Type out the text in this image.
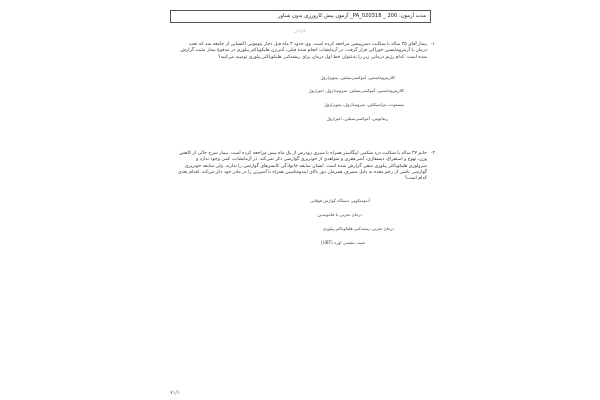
مدت آزمون: 200 _ PA_020318_ آزمون پیش کارورزی بدون شناور
نام‌تان
۱-

بیمار آقای ۳۵ ساله با شکایت دیس‌پپسی مراجعه کرده است. وی حدود ۳ ماه قبل دچار پنومونی اکتسابی از جامعه شد که تحت درمان با آزیترومایسین خوراکی قرار گرفت. در آزمایشات انجام شده قبلی، آنتی‌ژن هلیکوباکتر پیلوری در مدفوع بیمار مثبت گزارش شده است. کدام رژیم درمانی زیر را به‌عنوان خط اول درمان برای ریشه‌کنی هلیکوباکتر پیلوری توصیه می‌کنید؟

کلاریترومایسین، آموکسی‌سیلین، پنتوپرازول
کلاریترومایسین، آموکسی‌سیلین، مترونیدازول، امپرازول
بیسموت، تتراسیکلین، مترونیدازول، پنتوپرازول
ریفابوتین، آموکسی‌سیلین، امپرازول
۲-

خانم ۳۷ ساله با شکایت درد شکمی اپیگاستر همراه با سیری زودرس از یک ماه پیش مراجعه کرده است. بیمار شرح حالی از کاهش وزن، تهوع و استفراغ، دیسفاژی، آنمی‌فقری و شواهدی از خونریزی گوارشی ذکر نمی‌کند. در آزمایشات، کمی وجود ندارد و سرولوژی هلیکوباکتر پیلوری منفی گزارش شده است. ایشان سابقه خانوادگی کانسرهای گوارشی را ندارند. ولی سابقه خونریزی گوارشی ناشی از زخم معده به دلیل مصرف همزمان دوز بالای ایندومتاسین همراه با آسپرین را در مادر خود ذکر می‌کند. اقدام بعدی کدام است؟

آندوسکوپی دستگاه گوارش فوقانی
درمان تجربی با فاموتیدین
درمان تجربی ریشه‌کنی هلیکوباکتر پیلوری
تست تنفسی اوره (UBT)
۷۱/۱
